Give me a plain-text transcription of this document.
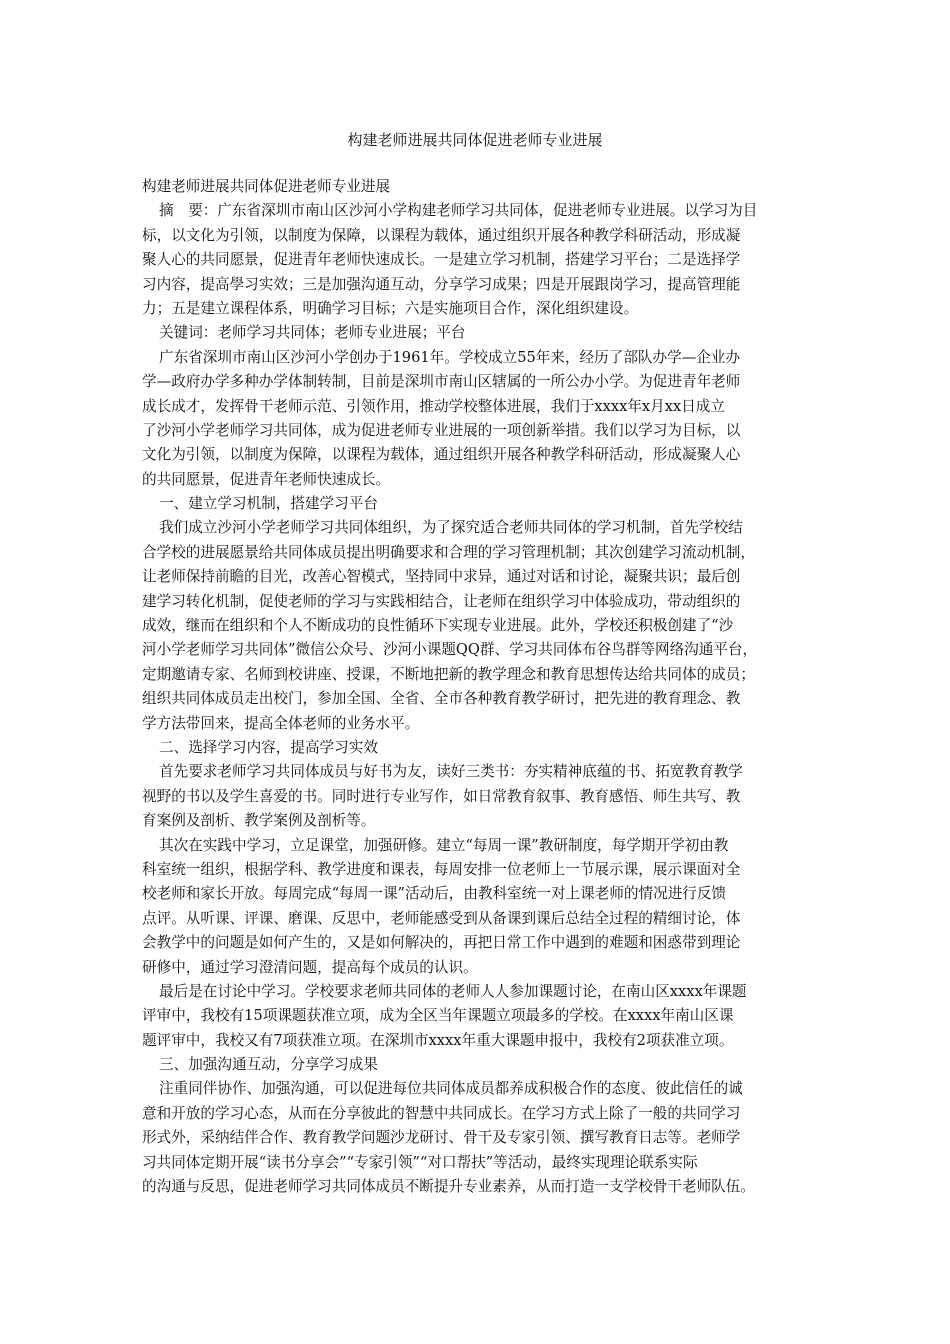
构建老师进展共同体促进老师专业进展

构建老师进展共同体促进老师专业进展

摘　要：广东省深圳市南山区沙河小学构建老师学习共同体，促进老师专业进展。以学习为目

标，以文化为引领，以制度为保障，以课程为载体，通过组织开展各种教学科研活动，形成凝

聚人心的共同愿景，促进青年老师快速成长。一是建立学习机制，搭建学习平台；二是选择学

习内容，提高學习实效；三是加强沟通互动，分享学习成果；四是开展跟岗学习，提高管理能

力；五是建立课程体系，明确学习目标；六是实施项目合作，深化组织建设。

关键词：老师学习共同体；老师专业进展；平台

广东省深圳市南山区沙河小学创办于1961年。学校成立55年来，经历了部队办学—企业办

学—政府办学多种办学体制转制，目前是深圳市南山区辖属的一所公办小学。为促进青年老师

成长成才，发挥骨干老师示范、引领作用，推动学校整体进展，我们于xxxx年x月xx日成立

了沙河小学老师学习共同体，成为促进老师专业进展的一项创新举措。我们以学习为目标，以

文化为引领，以制度为保障，以课程为载体，通过组织开展各种教学科研活动，形成凝聚人心

的共同愿景，促进青年老师快速成长。

一、建立学习机制，搭建学习平台

我们成立沙河小学老师学习共同体组织，为了探究适合老师共同体的学习机制，首先学校结

合学校的进展愿景给共同体成员提出明确要求和合理的学习管理机制；其次创建学习流动机制，

让老师保持前瞻的目光，改善心智模式，坚持同中求异，通过对话和讨论，凝聚共识；最后创

建学习转化机制，促使老师的学习与实践相结合，让老师在组织学习中体验成功，带动组织的

成效，继而在组织和个人不断成功的良性循环下实现专业进展。此外，学校还积极创建了“沙

河小学老师学习共同体”微信公众号、沙河小课题QQ群、学习共同体布谷鸟群等网络沟通平台，

定期邀请专家、名师到校讲座、授课，不断地把新的教学理念和教育思想传达给共同体的成员；

组织共同体成员走出校门，参加全国、全省、全市各种教育教学研讨，把先进的教育理念、教

学方法带回来，提高全体老师的业务水平。

二、选择学习内容，提高学习实效

首先要求老师学习共同体成员与好书为友，读好三类书：夯实精神底蕴的书、拓宽教育教学

视野的书以及学生喜爱的书。同时进行专业写作，如日常教育叙事、教育感悟、师生共写、教

育案例及剖析、教学案例及剖析等。

其次在实践中学习，立足课堂，加强研修。建立“每周一课”教研制度，每学期开学初由教

科室统一组织，根据学科、教学进度和课表，每周安排一位老师上一节展示课，展示课面对全

校老师和家长开放。每周完成“每周一课”活动后，由教科室统一对上课老师的情况进行反馈

点评。从听课、评课、磨课、反思中，老师能感受到从备课到课后总结全过程的精细讨论，体

会教学中的问题是如何产生的，又是如何解决的，再把日常工作中遇到的难题和困惑带到理论

研修中，通过学习澄清问题，提高每个成员的认识。

最后是在讨论中学习。学校要求老师共同体的老师人人参加课题讨论，在南山区xxxx年课题

评审中，我校有15项课题获准立项，成为全区当年课题立项最多的学校。在xxxx年南山区课

题评审中，我校又有7项获准立项。在深圳市xxxx年重大课题申报中，我校有2项获准立项。

三、加强沟通互动，分享学习成果

注重同伴协作、加强沟通，可以促进每位共同体成员都养成积极合作的态度、彼此信任的诚

意和开放的学习心态，从而在分享彼此的智慧中共同成长。在学习方式上除了一般的共同学习

形式外，采纳结伴合作、教育教学问题沙龙研讨、骨干及专家引领、撰写教育日志等。老师学

习共同体定期开展“读书分享会”“专家引领”“对口帮扶”等活动，最终实现理论联系实际

的沟通与反思，促进老师学习共同体成员不断提升专业素养，从而打造一支学校骨干老师队伍。
